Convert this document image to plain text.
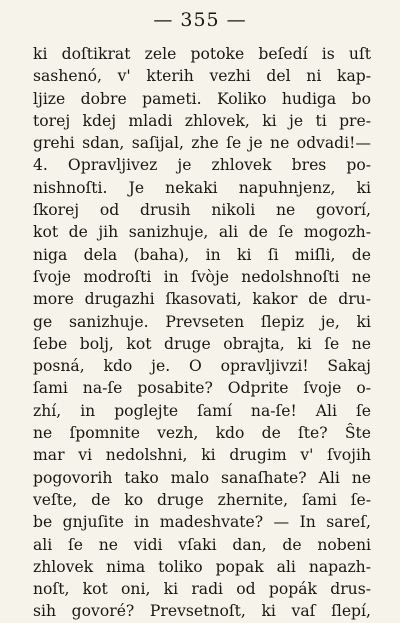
— 355 —
ki doſtikrat zele potoke beſedí is uſt
sashenó, v' kterih vezhi del ni kap-
ljize dobre pameti. Koliko hudiga bo
torej kdej mladi zhlovek, ki je ti pre-
grehi sdan, saſijal, zhe ſe je ne odvadi!—
4. Opravljivez je zhlovek bres po-
nishnoſti. Je nekaki napuhnjenz, ki
ſkorej od drusih nikoli ne govorí,
kot de jih sanizhuje, ali de ſe mogozh-
niga dela (baha), in ki ſi miſli, de
ſvoje modroſti in ſvòje nedolshnoſti ne
more drugazhi ſkasovati, kakor de dru-
ge sanizhuje. Prevseten ſlepiz je, ki
ſebe bolj, kot druge obrajta, ki ſe ne
posná, kdo je. O opravljivzi! Sakaj
ſami na-ſe posabite? Odprite ſvoje o-
zhí, in poglejte ſamí na-ſe! Ali ſe
ne ſpomnite vezh, kdo de ſte? Ŝte
mar vi nedolshni, ki drugim v' ſvojih
pogovorih tako malo sanaſhate? Ali ne
veſte, de ko druge zhernite, ſami ſe-
be gnjuſite in madeshvate? — In sareſ,
ali ſe ne vidi vſaki dan, de nobeni
zhlovek nima toliko popak ali napazh-
noſt, kot oni, ki radi od popák drus-
sih govoré? Prevsetnoſt, ki vaſ ſlepí,
